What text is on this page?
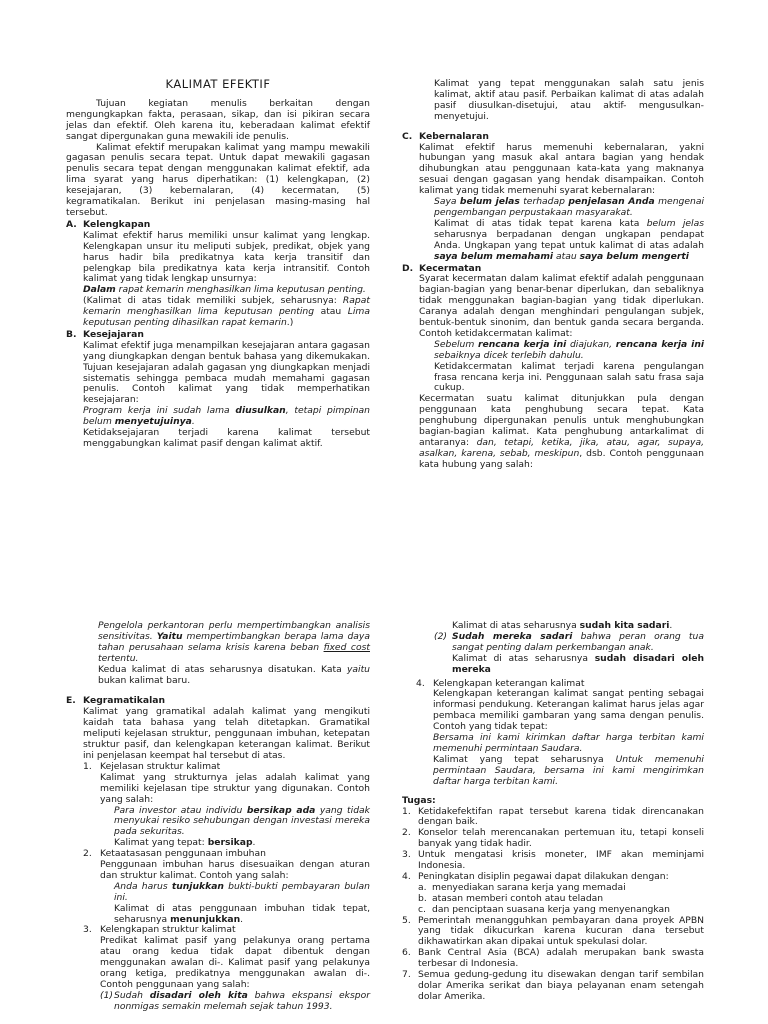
KALIMAT EFEKTIF

Tujuan kegiatan menulis berkaitan dengan mengungkapkan fakta, perasaan, sikap, dan isi pikiran secara jelas dan efektif. Oleh karena itu, keberadaan kalimat efektif sangat dipergunakan guna mewakili ide penulis.

Kalimat efektif merupakan kalimat yang mampu mewakili gagasan penulis secara tepat. Untuk dapat mewakili gagasan penulis secara tepat dengan menggunakan kalimat efektif, ada lima syarat yang harus diperhatikan: (1) kelengkapan, (2) kesejajaran, (3) kebernalaran, (4) kecermatan, (5) kegramatikalan. Berikut ini penjelasan masing-masing hal tersebut.

A. Kelengkapan

Kalimat efektif harus memiliki unsur kalimat yang lengkap. Kelengkapan unsur itu meliputi subjek, predikat, objek yang harus hadir bila predikatnya kata kerja transitif dan pelengkap bila predikatnya kata kerja intransitif. Contoh kalimat yang tidak lengkap unsurnya:

Dalam rapat kemarin menghasilkan lima keputusan penting.

(Kalimat di atas tidak memiliki subjek, seharusnya: Rapat kemarin menghasilkan lima keputusan penting atau Lima keputusan penting dihasilkan rapat kemarin.)

B. Kesejajaran

Kalimat efektif juga menampilkan kesejajaran antara gagasan yang diungkapkan dengan bentuk bahasa yang dikemukakan. Tujuan kesejajaran adalah gagasan yng diungkapkan menjadi sistematis sehingga pembaca mudah memahami gagasan penulis. Contoh kalimat yang tidak memperhatikan kesejajaran:

Program kerja ini sudah lama diusulkan, tetapi pimpinan belum menyetujuinya.

Ketidaksejajaran terjadi karena kalimat tersebut menggabungkan kalimat pasif dengan kalimat aktif.

Kalimat yang tepat menggunakan salah satu jenis kalimat, aktif atau pasif. Perbaikan kalimat di atas adalah pasif diusulkan-disetujui, atau aktif- mengusulkan-menyetujui.

C. Kebernalaran

Kalimat efektif harus memenuhi kebernalaran, yakni hubungan yang masuk akal antara bagian yang hendak dihubungkan atau penggunaan kata-kata yang maknanya sesuai dengan gagasan yang hendak disampaikan. Contoh kalimat yang tidak memenuhi syarat kebernalaran:

Saya belum jelas terhadap penjelasan Anda mengenai pengembangan perpustakaan masyarakat.

Kalimat di atas tidak tepat karena kata belum jelas seharusnya berpadanan dengan ungkapan pendapat Anda. Ungkapan yang tepat untuk kalimat di atas adalah saya belum memahami atau saya belum mengerti

D. Kecermatan

Syarat kecermatan dalam kalimat efektif adalah penggunaan bagian-bagian yang benar-benar diperlukan, dan sebaliknya tidak menggunakan bagian-bagian yang tidak diperlukan. Caranya adalah dengan menghindari pengulangan subjek, bentuk-bentuk sinonim, dan bentuk ganda secara berganda. Contoh ketidakcermatan kalimat:

Sebelum rencana kerja ini diajukan, rencana kerja ini sebaiknya dicek terlebih dahulu.

Ketidakcermatan kalimat terjadi karena pengulangan frasa rencana kerja ini. Penggunaan salah satu frasa saja cukup.

Kecermatan suatu kalimat ditunjukkan pula dengan penggunaan kata penghubung secara tepat. Kata penghubung dipergunakan penulis untuk menghubungkan bagian-bagian kalimat. Kata penghubung antarkalimat di antaranya: dan, tetapi, ketika, jika, atau, agar, supaya, asalkan, karena, sebab, meskipun, dsb. Contoh penggunaan kata hubung yang salah:

Pengelola perkantoran perlu mempertimbangkan analisis sensitivitas. Yaitu mempertimbangkan berapa lama daya tahan perusahaan selama krisis karena beban fixed cost tertentu.

Kedua kalimat di atas seharusnya disatukan. Kata yaitu bukan kalimat baru.

E. Kegramatikalan

Kalimat yang gramatikal adalah kalimat yang mengikuti kaidah tata bahasa yang telah ditetapkan. Gramatikal meliputi kejelasan struktur, penggunaan imbuhan, ketepatan struktur pasif, dan kelengkapan keterangan kalimat. Berikut ini penjelasan keempat hal tersebut di atas.

1. Kejelasan struktur kalimat

Kalimat yang strukturnya jelas adalah kalimat yang memiliki kejelasan tipe struktur yang digunakan. Contoh yang salah:

Para investor atau individu bersikap ada yang tidak menyukai resiko sehubungan dengan investasi mereka pada sekuritas.

Kalimat yang tepat: bersikap.

2. Ketaatasasan penggunaan imbuhan

Penggunaan imbuhan harus disesuaikan dengan aturan dan struktur kalimat. Contoh yang salah:

Anda harus tunjukkan bukti-bukti pembayaran bulan ini.

Kalimat di atas penggunaan imbuhan tidak tepat, seharusnya menunjukkan.

3. Kelengkapan struktur kalimat

Predikat kalimat pasif yang pelakunya orang pertama atau orang kedua tidak dapat dibentuk dengan menggunakan awalan di-. Kalimat pasif yang pelakunya orang ketiga, predikatnya menggunakan awalan di-. Contoh penggunaan yang salah:

(1) Sudah disadari oleh kita bahwa ekspansi ekspor nonmigas semakin melemah sejak tahun 1993.

Kalimat di atas seharusnya sudah kita sadari.

(2) Sudah mereka sadari bahwa peran orang tua sangat penting dalam perkembangan anak.

Kalimat di atas seharusnya sudah disadari oleh mereka

4. Kelengkapan keterangan kalimat

Kelengkapan keterangan kalimat sangat penting sebagai informasi pendukung. Keterangan kalimat harus jelas agar pembaca memiliki gambaran yang sama dengan penulis. Contoh yang tidak tepat:

Bersama ini kami kirimkan daftar harga terbitan kami memenuhi permintaan Saudara.

Kalimat yang tepat seharusnya Untuk memenuhi permintaan Saudara, bersama ini kami mengirimkan daftar harga terbitan kami.

Tugas:

1. Ketidakefektifan rapat tersebut karena tidak direncanakan dengan baik.

2. Konselor telah merencanakan pertemuan itu, tetapi konseli banyak yang tidak hadir.

3. Untuk mengatasi krisis moneter, IMF akan meminjami Indonesia.

4. Peningkatan disiplin pegawai dapat dilakukan dengan:

a. menyediakan sarana kerja yang memadai

b. atasan memberi contoh atau teladan

c. dan penciptaan suasana kerja yang menyenangkan

5. Pemerintah menangguhkan pembayaran dana proyek APBN yang tidak dikucurkan karena kucuran dana tersebut dikhawatirkan akan dipakai untuk spekulasi dolar.

6. Bank Central Asia (BCA) adalah merupakan bank swasta terbesar di Indonesia.

7. Semua gedung-gedung itu disewakan dengan tarif sembilan dolar Amerika serikat dan biaya pelayanan enam setengah dolar Amerika.
